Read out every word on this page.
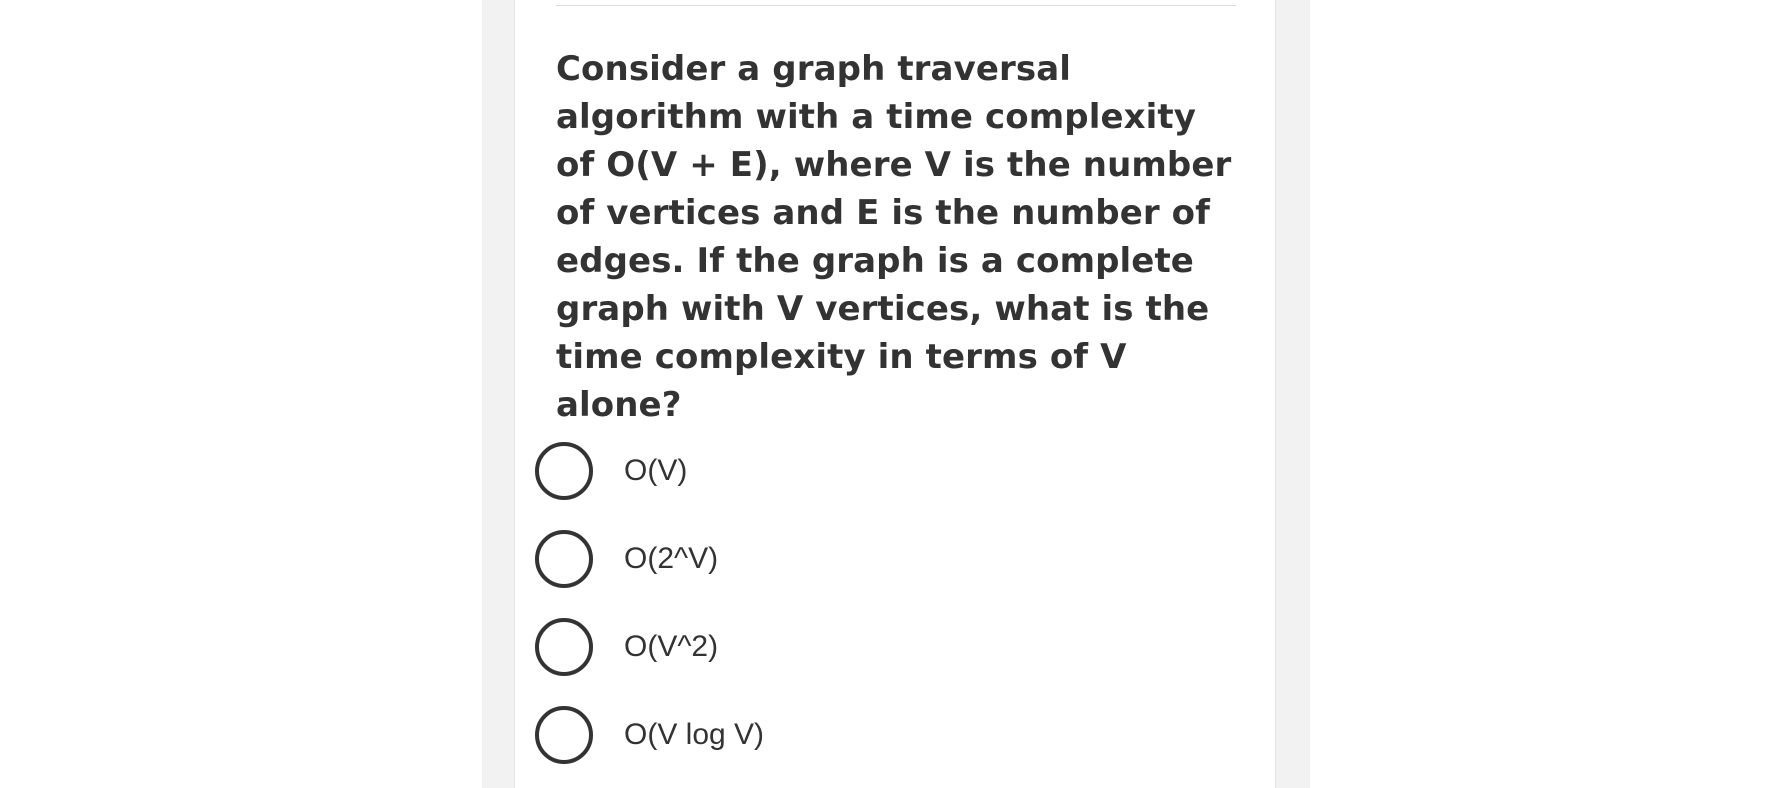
Consider a graph traversal algorithm with a time complexity of O(V + E), where V is the number of vertices and E is the number of edges. If the graph is a complete graph with V vertices, what is the time complexity in terms of V alone?

O(V)
O(2^V)
O(V^2)
O(V log V)
